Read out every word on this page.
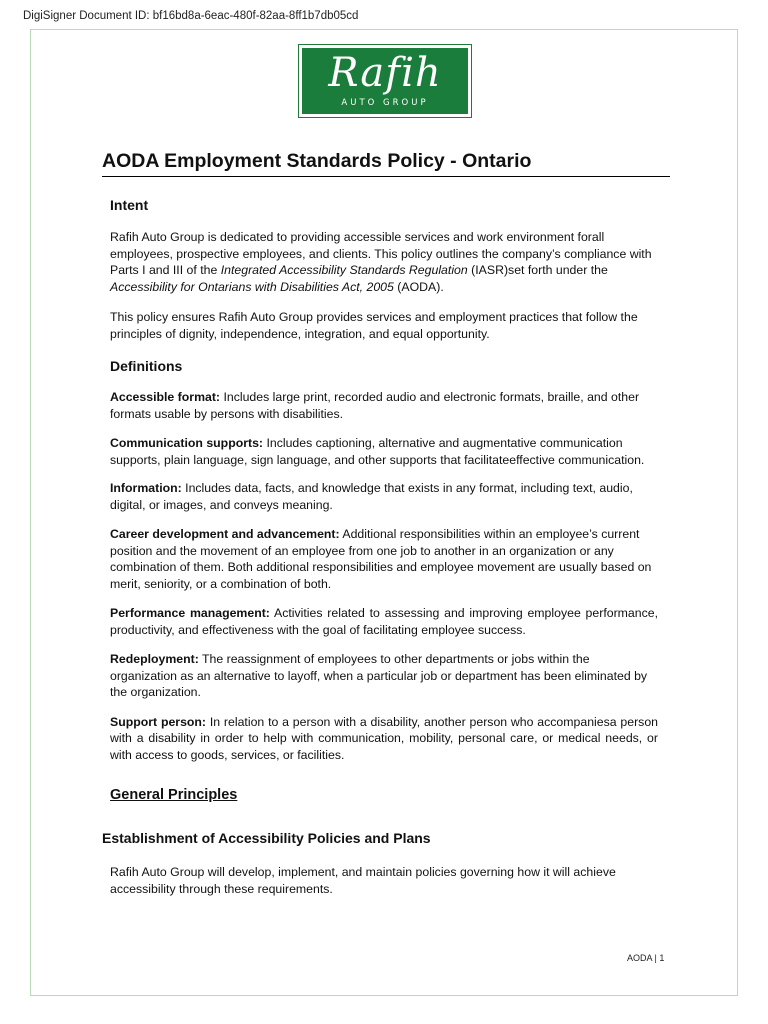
DigiSigner Document ID: bf16bd8a-6eac-480f-82aa-8ff1b7db05cd
Rafih
AUTO GROUP
AODA Employment Standards Policy - Ontario
Intent

Rafih Auto Group is dedicated to providing accessible services and work environment forall employees, prospective employees, and clients. This policy outlines the company’s compliance with Parts I and III of the Integrated Accessibility Standards Regulation (IASR)set forth under the Accessibility for Ontarians with Disabilities Act, 2005 (AODA).

This policy ensures Rafih Auto Group provides services and employment practices that follow the principles of dignity, independence, integration, and equal opportunity.

Definitions

Accessible format: Includes large print, recorded audio and electronic formats, braille, and other formats usable by persons with disabilities.

Communication supports: Includes captioning, alternative and augmentative communication supports, plain language, sign language, and other supports that facilitateeffective communication.

Information: Includes data, facts, and knowledge that exists in any format, including text, audio, digital, or images, and conveys meaning.

Career development and advancement: Additional responsibilities within an employee’s current position and the movement of an employee from one job to another in an organization or any combination of them. Both additional responsibilities and employee movement are usually based on merit, seniority, or a combination of both.

Performance management: Activities related to assessing and improving employee performance, productivity, and effectiveness with the goal of facilitating employee success.

Redeployment: The reassignment of employees to other departments or jobs within the organization as an alternative to layoff, when a particular job or department has been eliminated by the organization.

Support person: In relation to a person with a disability, another person who accompaniesa person with a disability in order to help with communication, mobility, personal care, or medical needs, or with access to goods, services, or facilities.

General Principles
Establishment of Accessibility Policies and Plans

Rafih Auto Group will develop, implement, and maintain policies governing how it will achieve accessibility through these requirements.

AODA | 1
